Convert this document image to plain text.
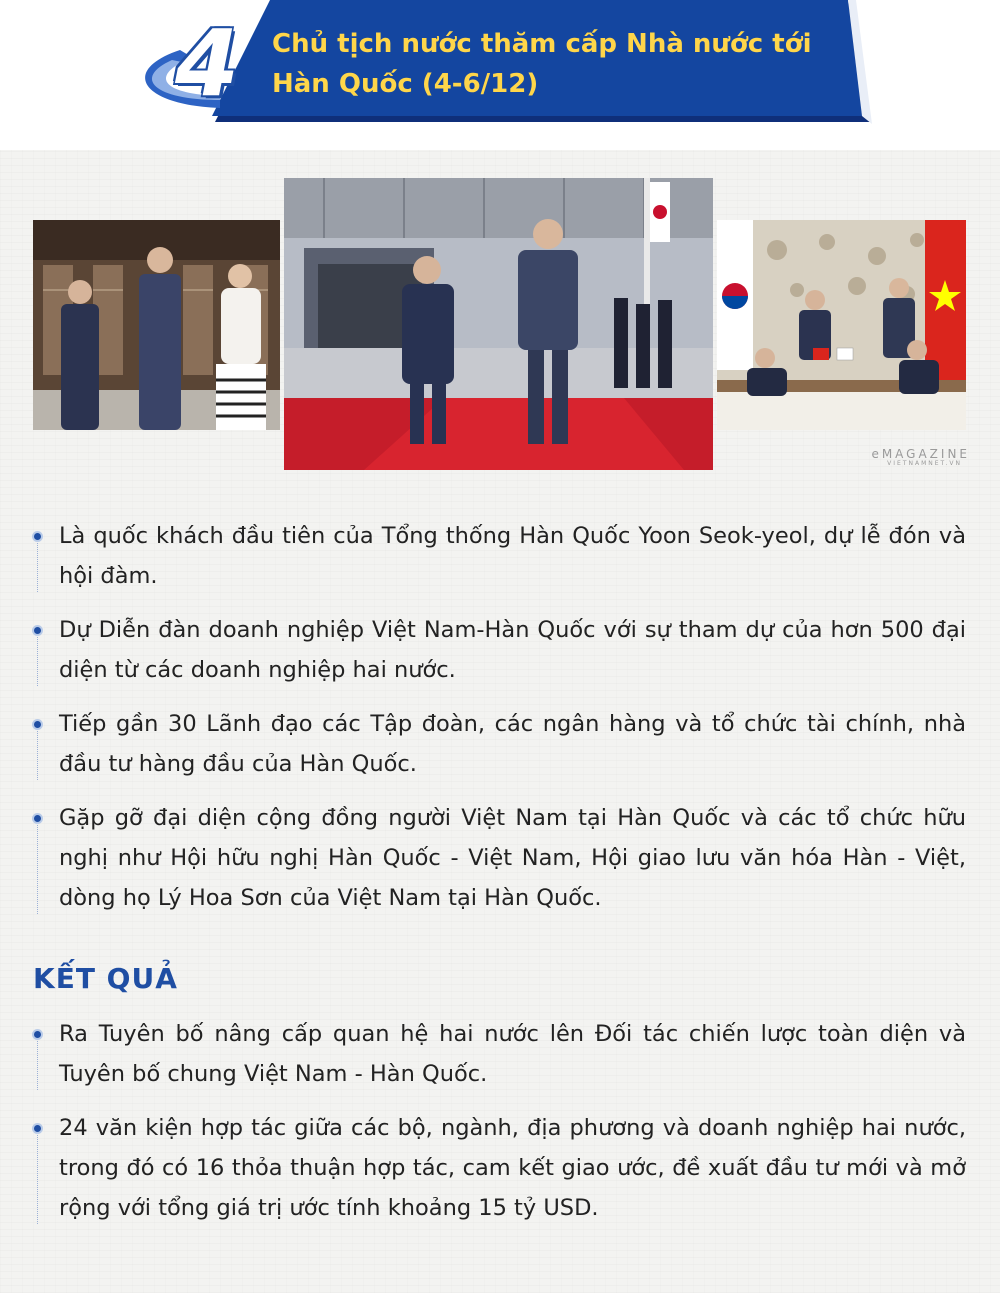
4	Chủ tịch nước thăm cấp Nhà nước tới
Hàn Quốc (4-6/12)
eMAGAZINE
VIETNAMNET.VN

Là quốc khách đầu tiên của Tổng thống Hàn Quốc Yoon Seok-yeol, dự lễ đón và hội đàm.

Dự Diễn đàn doanh nghiệp Việt Nam-Hàn Quốc với sự tham dự của hơn 500 đại diện từ các doanh nghiệp hai nước.

Tiếp gần 30 Lãnh đạo các Tập đoàn, các ngân hàng và tổ chức tài chính, nhà đầu tư hàng đầu của Hàn Quốc.

Gặp gỡ đại diện cộng đồng người Việt Nam tại Hàn Quốc và các tổ chức hữu nghị như Hội hữu nghị Hàn Quốc - Việt Nam, Hội giao lưu văn hóa Hàn - Việt, dòng họ Lý Hoa Sơn của Việt Nam tại Hàn Quốc.

KẾT QUẢ

Ra Tuyên bố nâng cấp quan hệ hai nước lên Đối tác chiến lược toàn diện và Tuyên bố chung Việt Nam - Hàn Quốc.

24 văn kiện hợp tác giữa các bộ, ngành, địa phương và doanh nghiệp hai nước, trong đó có 16 thỏa thuận hợp tác, cam kết giao ước, đề xuất đầu tư mới và mở rộng với tổng giá trị ước tính khoảng 15 tỷ USD.
